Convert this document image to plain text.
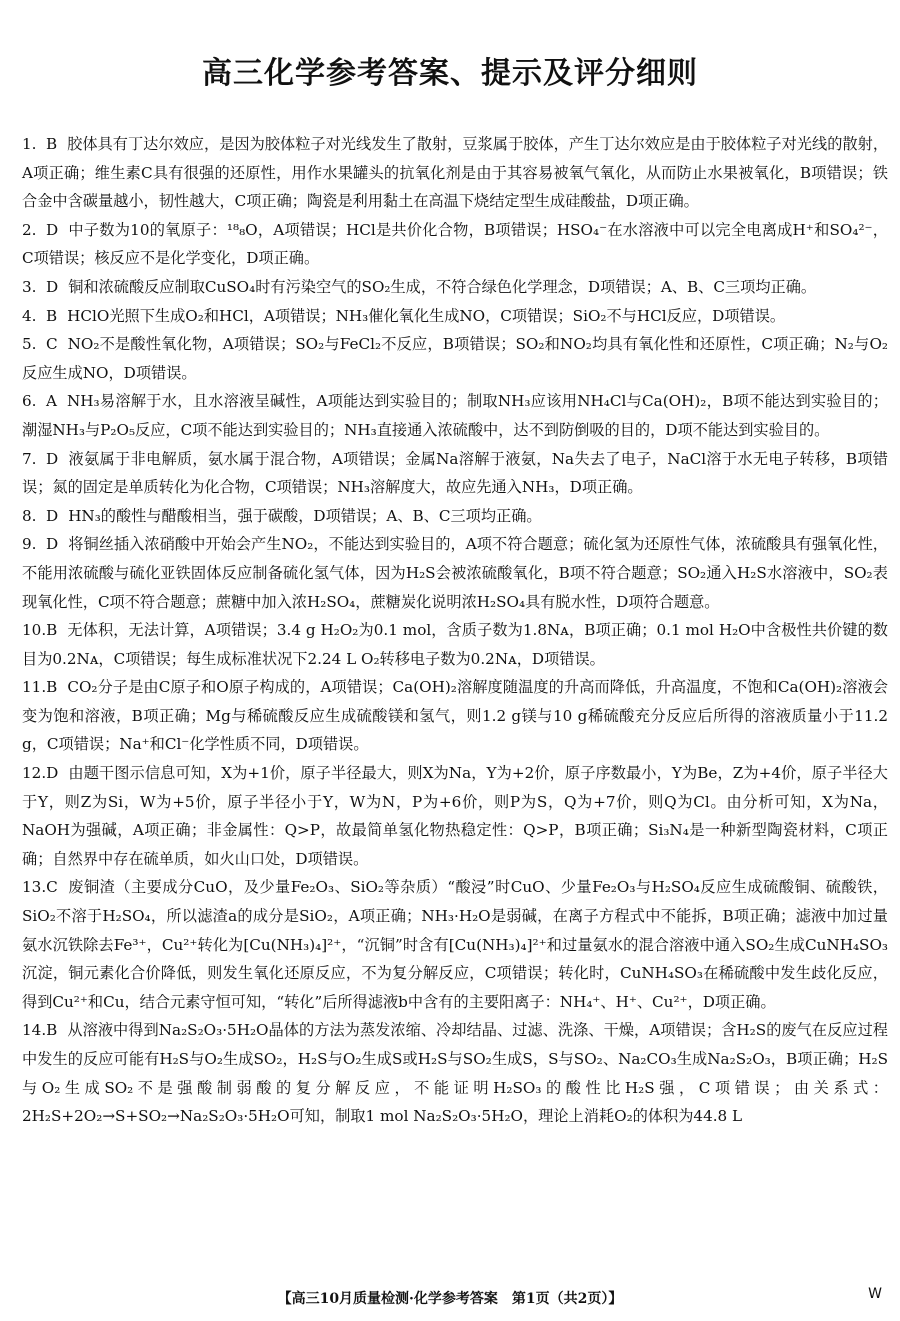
高三化学参考答案、提示及评分细则
1. B 胶体具有丁达尔效应，是因为胶体粒子对光线发生了散射，豆浆属于胶体，产生丁达尔效应是由于胶体粒子对光线的散射，A项正确；维生素C具有很强的还原性，用作水果罐头的抗氧化剂是由于其容易被氧气氧化，从而防止水果被氧化，B项错误；铁合金中含碳量越小，韧性越大，C项正确；陶瓷是利用黏土在高温下烧结定型生成硅酸盐，D项正确。
2. D 中子数为10的氧原子：¹⁸₈O，A项错误；HCl是共价化合物，B项错误；HSO₄⁻在水溶液中可以完全电离成H⁺和SO₄²⁻，C项错误；核反应不是化学变化，D项正确。
3. D 铜和浓硫酸反应制取CuSO₄时有污染空气的SO₂生成，不符合绿色化学理念，D项错误；A、B、C三项均正确。
4. B HClO光照下生成O₂和HCl，A项错误；NH₃催化氧化生成NO，C项错误；SiO₂不与HCl反应，D项错误。
5. C NO₂不是酸性氧化物，A项错误；SO₂与FeCl₂不反应，B项错误；SO₂和NO₂均具有氧化性和还原性，C项正确；N₂与O₂反应生成NO，D项错误。
6. A NH₃易溶解于水，且水溶液呈碱性，A项能达到实验目的；制取NH₃应该用NH₄Cl与Ca(OH)₂，B项不能达到实验目的；潮湿NH₃与P₂O₅反应，C项不能达到实验目的；NH₃直接通入浓硫酸中，达不到防倒吸的目的，D项不能达到实验目的。
7. D 液氨属于非电解质，氨水属于混合物，A项错误；金属Na溶解于液氨，Na失去了电子，NaCl溶于水无电子转移，B项错误；氮的固定是单质转化为化合物，C项错误；NH₃溶解度大，故应先通入NH₃，D项正确。
8. D HN₃的酸性与醋酸相当，强于碳酸，D项错误；A、B、C三项均正确。
9. D 将铜丝插入浓硝酸中开始会产生NO₂，不能达到实验目的，A项不符合题意；硫化氢为还原性气体，浓硫酸具有强氧化性，不能用浓硫酸与硫化亚铁固体反应制备硫化氢气体，因为H₂S会被浓硫酸氧化，B项不符合题意；SO₂通入H₂S水溶液中，SO₂表现氧化性，C项不符合题意；蔗糖中加入浓H₂SO₄，蔗糖炭化说明浓H₂SO₄具有脱水性，D项符合题意。
10.B 无体积，无法计算，A项错误；3.4 g H₂O₂为0.1 mol，含质子数为1.8Nᴀ，B项正确；0.1 mol H₂O中含极性共价键的数目为0.2Nᴀ，C项错误；每生成标准状况下2.24 L O₂转移电子数为0.2Nᴀ，D项错误。
11.B CO₂分子是由C原子和O原子构成的，A项错误；Ca(OH)₂溶解度随温度的升高而降低，升高温度，不饱和Ca(OH)₂溶液会变为饱和溶液，B项正确；Mg与稀硫酸反应生成硫酸镁和氢气，则1.2 g镁与10 g稀硫酸充分反应后所得的溶液质量小于11.2 g，C项错误；Na⁺和Cl⁻化学性质不同，D项错误。
12.D 由题干图示信息可知，X为+1价，原子半径最大，则X为Na，Y为+2价，原子序数最小，Y为Be，Z为+4价，原子半径大于Y，则Z为Si，W为+5价，原子半径小于Y，W为N，P为+6价，则P为S，Q为+7价，则Q为Cl。由分析可知，X为Na，NaOH为强碱，A项正确；非金属性：Q>P，故最简单氢化物热稳定性：Q>P，B项正确；Si₃N₄是一种新型陶瓷材料，C项正确；自然界中存在硫单质，如火山口处，D项错误。
13.C 废铜渣（主要成分CuO，及少量Fe₂O₃、SiO₂等杂质）“酸浸”时CuO、少量Fe₂O₃与H₂SO₄反应生成硫酸铜、硫酸铁，SiO₂不溶于H₂SO₄，所以滤渣a的成分是SiO₂，A项正确；NH₃·H₂O是弱碱，在离子方程式中不能拆，B项正确；滤液中加过量氨水沉铁除去Fe³⁺，Cu²⁺转化为[Cu(NH₃)₄]²⁺，“沉铜”时含有[Cu(NH₃)₄]²⁺和过量氨水的混合溶液中通入SO₂生成CuNH₄SO₃沉淀，铜元素化合价降低，则发生氧化还原反应，不为复分解反应，C项错误；转化时，CuNH₄SO₃在稀硫酸中发生歧化反应，得到Cu²⁺和Cu，结合元素守恒可知，“转化”后所得滤液b中含有的主要阳离子：NH₄⁺、H⁺、Cu²⁺，D项正确。
14.B 从溶液中得到Na₂S₂O₃·5H₂O晶体的方法为蒸发浓缩、冷却结晶、过滤、洗涤、干燥，A项错误；含H₂S的废气在反应过程中发生的反应可能有H₂S与O₂生成SO₂，H₂S与O₂生成S或H₂S与SO₂生成S，S与SO₂、Na₂CO₃生成Na₂S₂O₃，B项正确；H₂S与O₂生成SO₂不是强酸制弱酸的复分解反应，不能证明H₂SO₃的酸性比H₂S强，C项错误；由关系式：2H₂S+2O₂→S+SO₂→Na₂S₂O₃·5H₂O可知，制取1 mol Na₂S₂O₃·5H₂O，理论上消耗O₂的体积为44.8 L
【高三10月质量检测·化学参考答案　第1页（共2页）】	W
